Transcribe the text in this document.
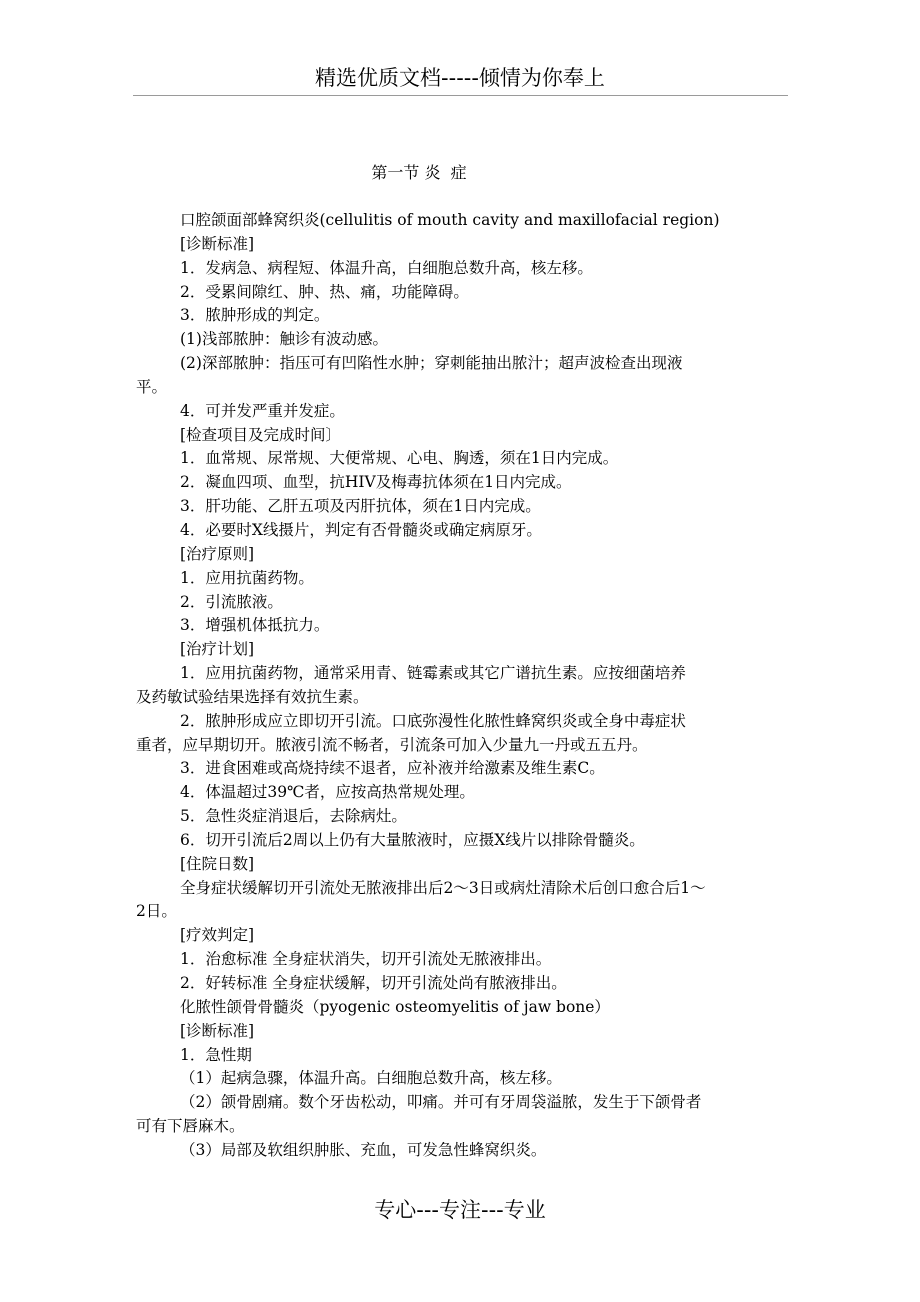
精选优质文档-----倾情为你奉上
第一节 炎  症
口腔颌面部蜂窝织炎(cellulitis of mouth cavity and maxillofacial region)
[诊断标准]
1．发病急、病程短、体温升高，白细胞总数升高，核左移。
2．受累间隙红、肿、热、痛，功能障碍。
3．脓肿形成的判定。
(1)浅部脓肿：触诊有波动感。
(2)深部脓肿：指压可有凹陷性水肿；穿刺能抽出脓汁；超声波检查出现液
平。
4．可并发严重并发症。
[检查项目及完成时间〕
1．血常规、尿常规、大便常规、心电、胸透，须在1日内完成。
2．凝血四项、血型，抗HIV及梅毒抗体须在1日内完成。
3．肝功能、乙肝五项及丙肝抗体，须在1日内完成。
4．必要时X线摄片，判定有否骨髓炎或确定病原牙。
[治疗原则]
1．应用抗菌药物。
2．引流脓液。
3．增强机体抵抗力。
[治疗计划]
1．应用抗菌药物，通常采用青、链霉素或其它广谱抗生素。应按细菌培养
及药敏试验结果选择有效抗生素。
2．脓肿形成应立即切开引流。口底弥漫性化脓性蜂窝织炎或全身中毒症状
重者，应早期切开。脓液引流不畅者，引流条可加入少量九一丹或五五丹。
3．进食困难或高烧持续不退者，应补液并给激素及维生素C。
4．体温超过39℃者，应按高热常规处理。
5．急性炎症消退后，去除病灶。
6．切开引流后2周以上仍有大量脓液时，应摄X线片以排除骨髓炎。
[住院日数]
全身症状缓解切开引流处无脓液排出后2～3日或病灶清除术后创口愈合后1～
2日。
[疗效判定]
1．治愈标准 全身症状消失，切开引流处无脓液排出。
2．好转标准 全身症状缓解，切开引流处尚有脓液排出。
化脓性颌骨骨髓炎（pyogenic osteomyelitis of jaw bone）
[诊断标准]
1．急性期
（1）起病急骤，体温升高。白细胞总数升高，核左移。
（2）颌骨剧痛。数个牙齿松动，叩痛。并可有牙周袋溢脓，发生于下颌骨者
可有下唇麻木。
（3）局部及软组织肿胀、充血，可发急性蜂窝织炎。
专心---专注---专业
